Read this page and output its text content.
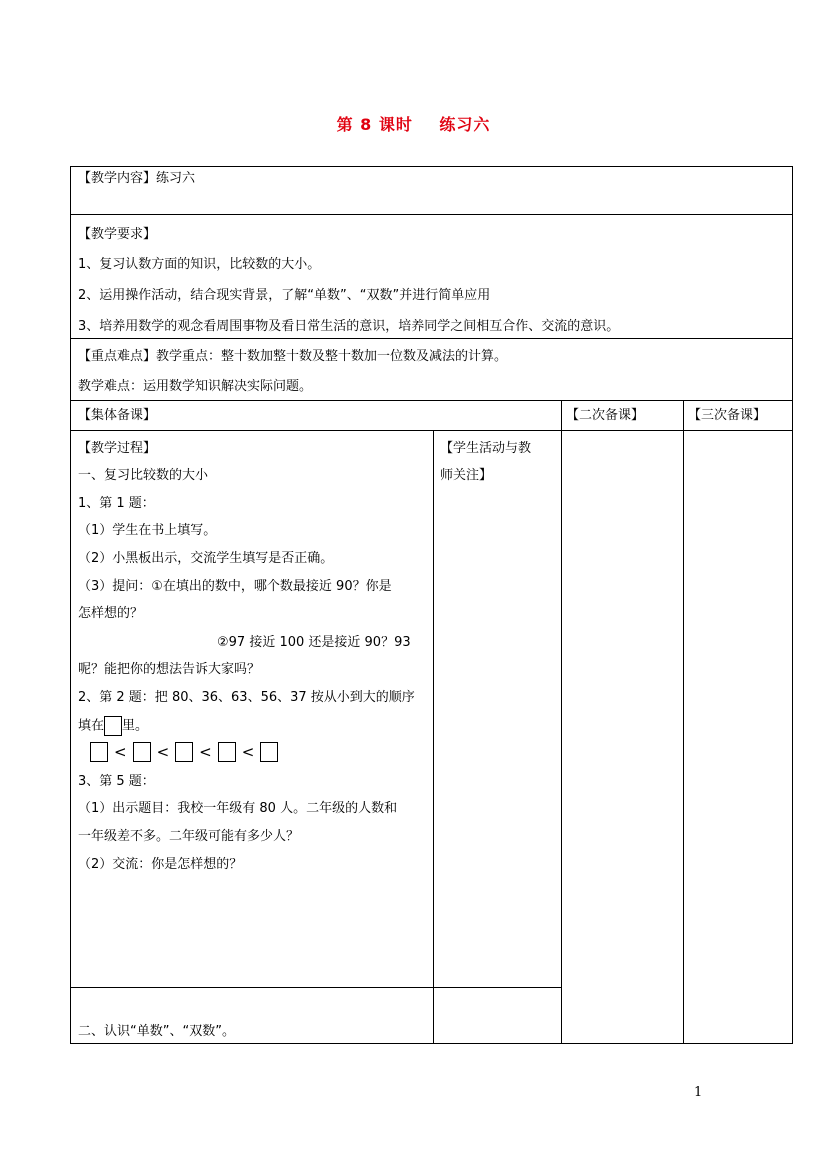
第 8 课时 练习六
【教学内容】练习六
【教学要求】
1、复习认数方面的知识，比较数的大小。
2、运用操作活动，结合现实背景，了解“单数”、“双数”并进行简单应用
3、培养用数学的观念看周围事物及看日常生活的意识，培养同学之间相互合作、交流的意识。
【重点难点】教学重点：整十数加整十数及整十数加一位数及减法的计算。
教学难点：运用数学知识解决实际问题。
【集体备课】	【二次备课】	【三次备课】
【教学过程】
一、复习比较数的大小
1、第 1 题：
（1）学生在书上填写。
（2）小黑板出示，交流学生填写是否正确。
（3）提问：①在填出的数中，哪个数最接近 90？你是
怎样想的？
②97 接近 100 还是接近 90？93
呢？能把你的想法告诉大家吗？
2、第 2 题：把 80、36、63、56、37 按从小到大的顺序
填在 里。
< < < <
3、第 5 题：
（1）出示题目：我校一年级有 80 人。二年级的人数和
一年级差不多。二年级可能有多少人？
（2）交流：你是怎样想的？
二、认识“单数”、“双数”。
【学生活动与教
师关注】
1
